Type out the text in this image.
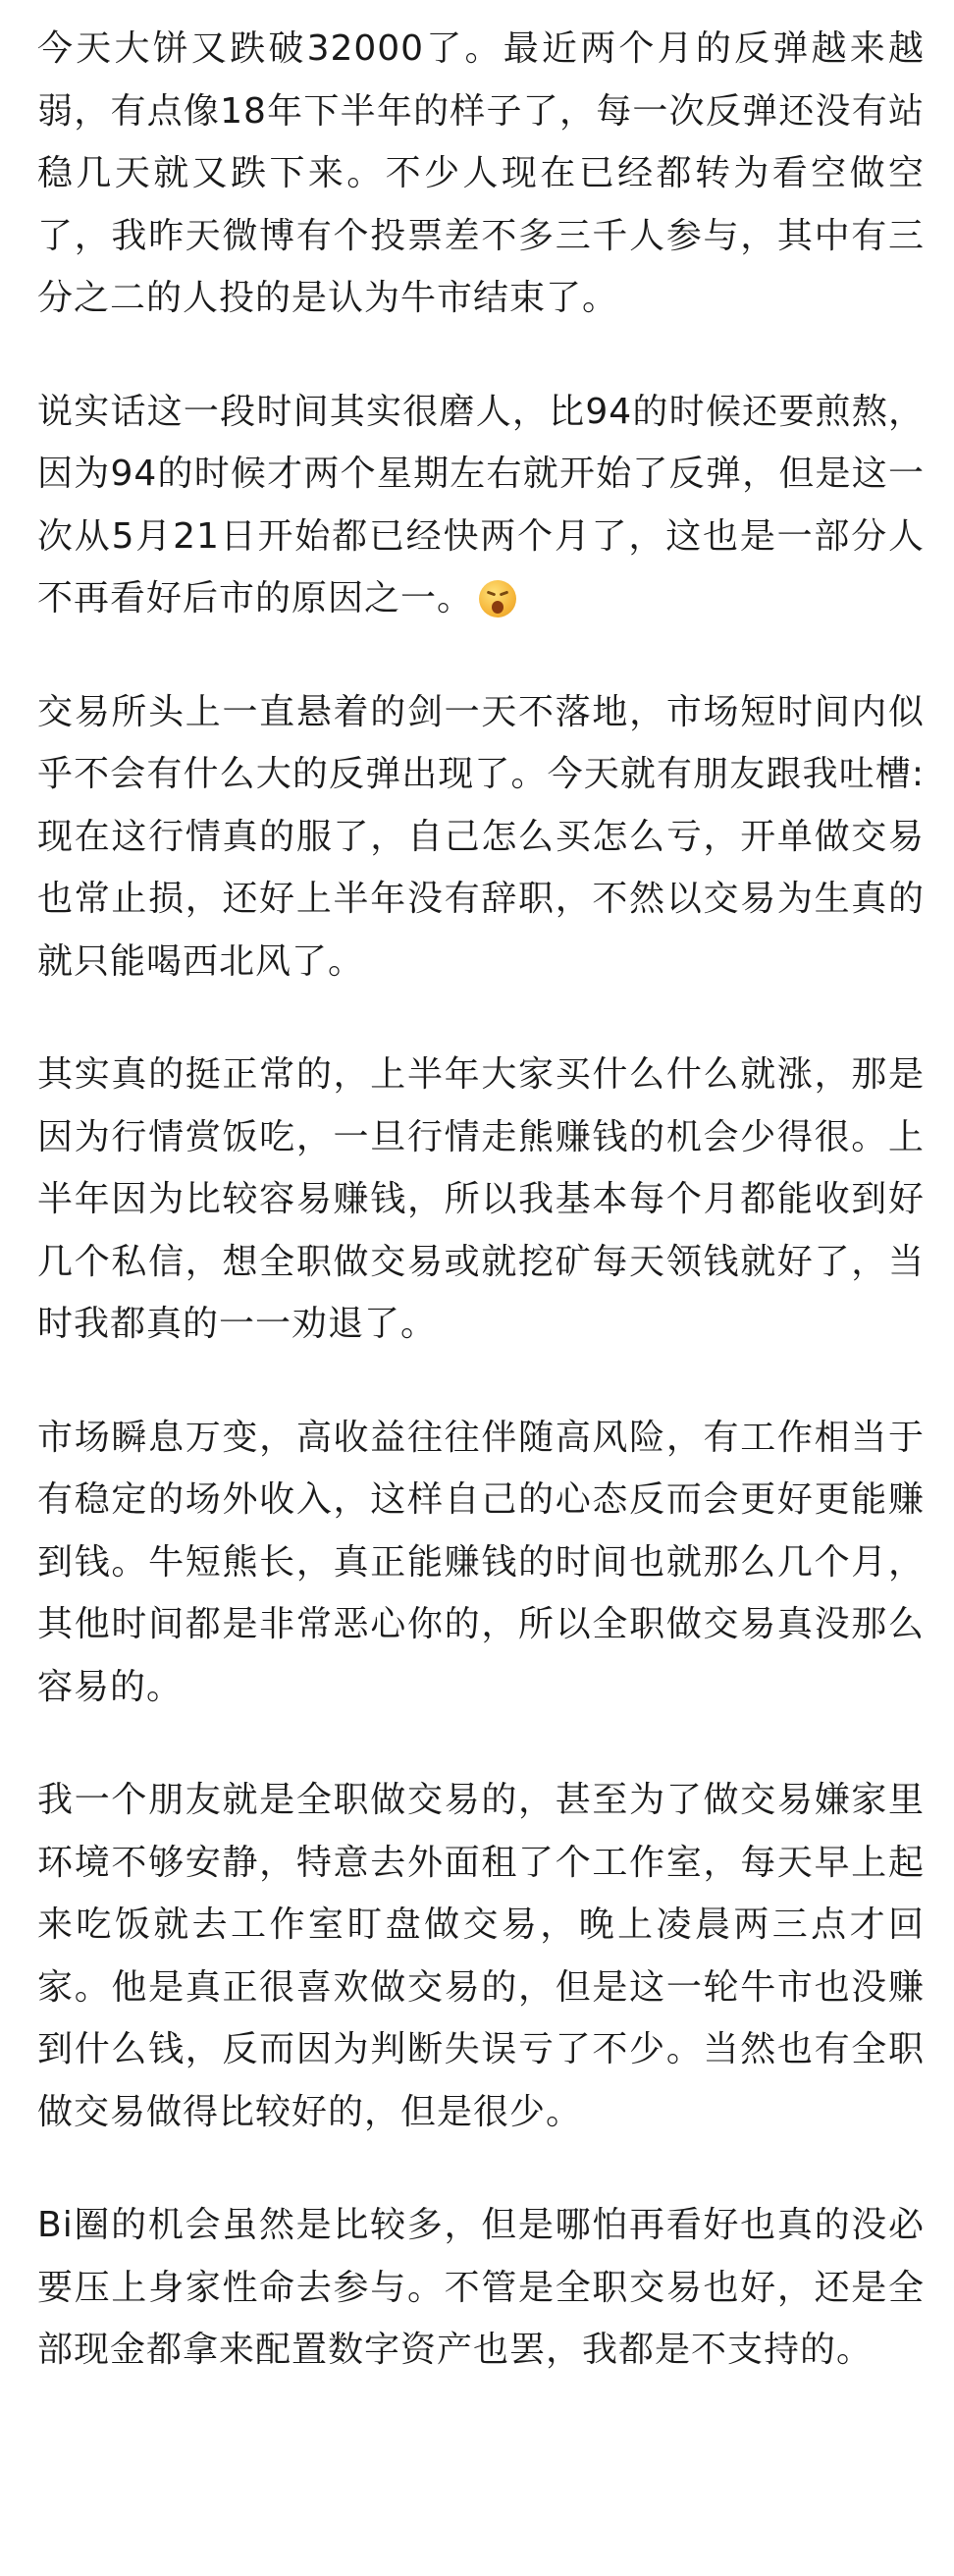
今天大饼又跌破32000了。最近两个月的反弹越来越弱，有点像18年下半年的样子了，每一次反弹还没有站稳几天就又跌下来。不少人现在已经都转为看空做空了，我昨天微博有个投票差不多三千人参与，其中有三分之二的人投的是认为牛市结束了。

说实话这一段时间其实很磨人，比94的时候还要煎熬，因为94的时候才两个星期左右就开始了反弹，但是这一次从5月21日开始都已经快两个月了，这也是一部分人不再看好后市的原因之一。

交易所头上一直悬着的剑一天不落地，市场短时间内似乎不会有什么大的反弹出现了。今天就有朋友跟我吐槽:现在这行情真的服了，自己怎么买怎么亏，开单做交易也常止损，还好上半年没有辞职，不然以交易为生真的就只能喝西北风了。

其实真的挺正常的，上半年大家买什么什么就涨，那是因为行情赏饭吃，一旦行情走熊赚钱的机会少得很。上半年因为比较容易赚钱，所以我基本每个月都能收到好几个私信，想全职做交易或就挖矿每天领钱就好了，当时我都真的一一劝退了。

市场瞬息万变，高收益往往伴随高风险，有工作相当于有稳定的场外收入，这样自己的心态反而会更好更能赚到钱。牛短熊长，真正能赚钱的时间也就那么几个月，其他时间都是非常恶心你的，所以全职做交易真没那么容易的。

我一个朋友就是全职做交易的，甚至为了做交易嫌家里环境不够安静，特意去外面租了个工作室，每天早上起来吃饭就去工作室盯盘做交易，晚上凌晨两三点才回家。他是真正很喜欢做交易的，但是这一轮牛市也没赚到什么钱，反而因为判断失误亏了不少。当然也有全职做交易做得比较好的，但是很少。

Bi圈的机会虽然是比较多，但是哪怕再看好也真的没必要压上身家性命去参与。不管是全职交易也好，还是全部现金都拿来配置数字资产也罢，我都是不支持的。
